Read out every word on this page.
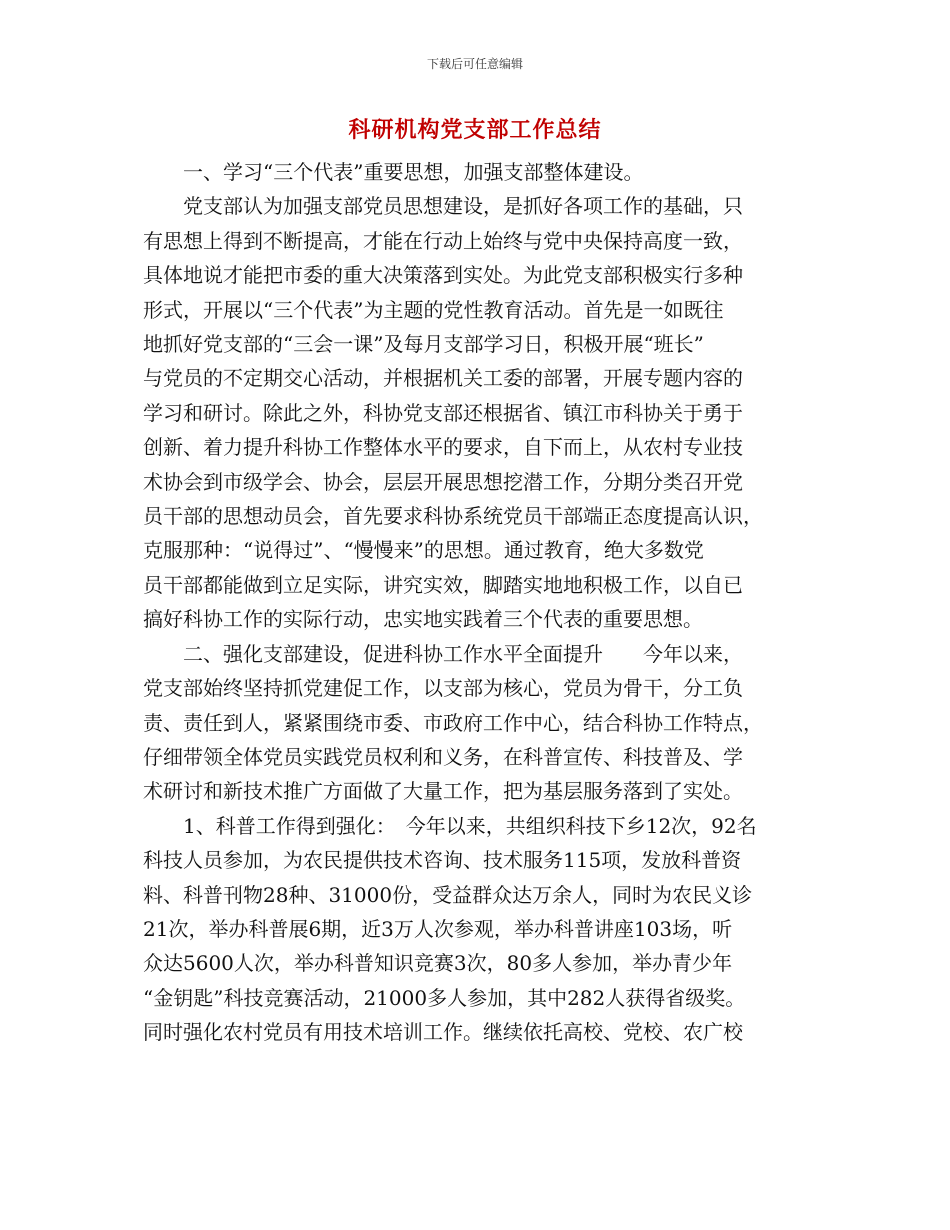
下载后可任意编辑
科研机构党支部工作总结

一、学习“三个代表”重要思想，加强支部整体建设。

党支部认为加强支部党员思想建设，是抓好各项工作的基础，只
有思想上得到不断提高，才能在行动上始终与党中央保持高度一致，
具体地说才能把市委的重大决策落到实处。为此党支部积极实行多种
形式，开展以“三个代表”为主题的党性教育活动。首先是一如既往
地抓好党支部的“三会一课”及每月支部学习日，积极开展“班长”
与党员的不定期交心活动，并根据机关工委的部署，开展专题内容的
学习和研讨。除此之外，科协党支部还根据省、镇江市科协关于勇于
创新、着力提升科协工作整体水平的要求，自下而上，从农村专业技
术协会到市级学会、协会，层层开展思想挖潜工作，分期分类召开党
员干部的思想动员会，首先要求科协系统党员干部端正态度提高认识，
克服那种：“说得过”、“慢慢来”的思想。通过教育，绝大多数党
员干部都能做到立足实际，讲究实效，脚踏实地地积极工作，以自已
搞好科协工作的实际行动，忠实地实践着三个代表的重要思想。

二、强化支部建设，促进科协工作水平全面提升　　今年以来，
党支部始终坚持抓党建促工作，以支部为核心，党员为骨干，分工负
责、责任到人，紧紧围绕市委、市政府工作中心，结合科协工作特点，
仔细带领全体党员实践党员权利和义务，在科普宣传、科技普及、学
术研讨和新技术推广方面做了大量工作，把为基层服务落到了实处。

1、科普工作得到强化：　今年以来，共组织科技下乡12次，92名
科技人员参加，为农民提供技术咨询、技术服务115项，发放科普资
料、科普刊物28种、31000份，受益群众达万余人，同时为农民义诊
21次，举办科普展6期，近3万人次参观，举办科普讲座103场，听
众达5600人次，举办科普知识竞赛3次，80多人参加，举办青少年
“金钥匙”科技竞赛活动，21000多人参加，其中282人获得省级奖。
同时强化农村党员有用技术培训工作。继续依托高校、党校、农广校
